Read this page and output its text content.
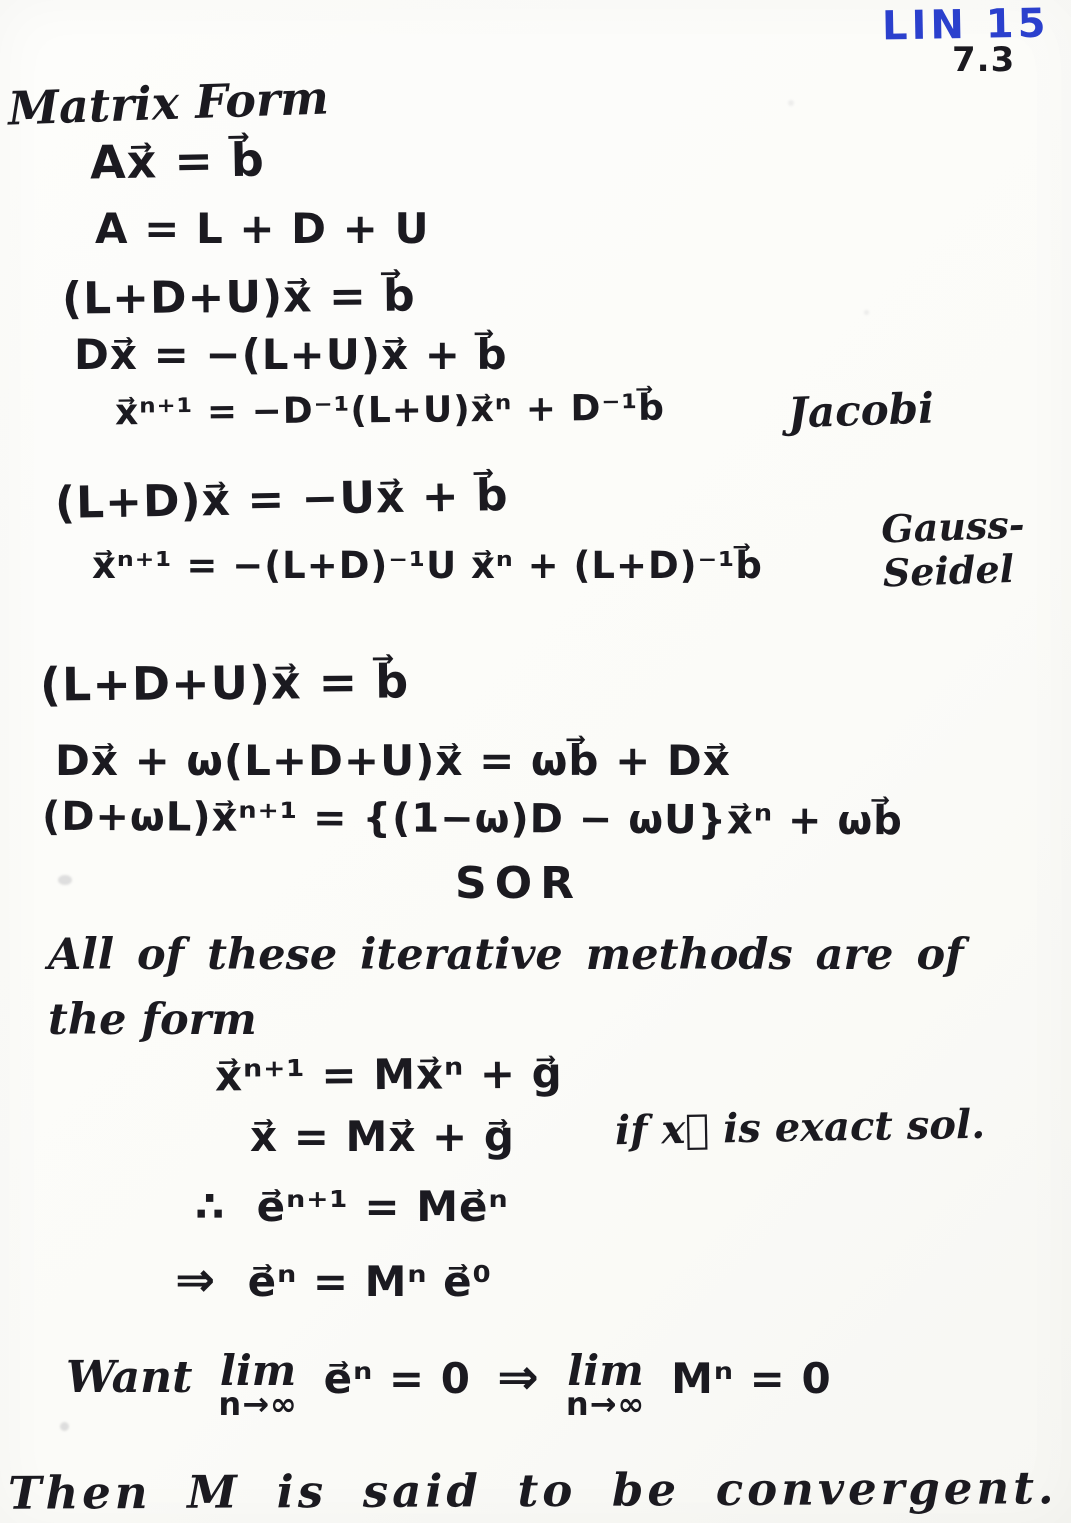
LIN 15
7.3
Matrix Form
Ax⃗ = b⃗
A = L + D + U
(L+D+U)x⃗ = b⃗
Dx⃗ = −(L+U)x⃗ + b⃗
x⃗ⁿ⁺¹ = −D⁻¹(L+U)x⃗ⁿ + D⁻¹b⃗	Jacobi
(L+D)x⃗ = −Ux⃗ + b⃗
x⃗ⁿ⁺¹ = −(L+D)⁻¹U x⃗ⁿ + (L+D)⁻¹b⃗
Gauss-
Seidel
(L+D+U)x⃗ = b⃗
Dx⃗ + ω(L+D+U)x⃗ = ωb⃗ + Dx⃗
(D+ωL)x⃗ⁿ⁺¹ = {(1−ω)D − ωU}x⃗ⁿ + ωb⃗
SOR
All of these iterative methods are of
the form
x⃗ⁿ⁺¹ = Mx⃗ⁿ + g⃗
x⃗ = Mx⃗ + g⃗ if x⃗ is exact sol.
∴ e⃗ⁿ⁺¹ = Me⃗ⁿ
⇒ e⃗ⁿ = Mⁿ e⃗⁰
Want lim
n→∞
e⃗ⁿ = 0 ⇒ lim
n→∞
Mⁿ = 0
Then M is said to be convergent.
